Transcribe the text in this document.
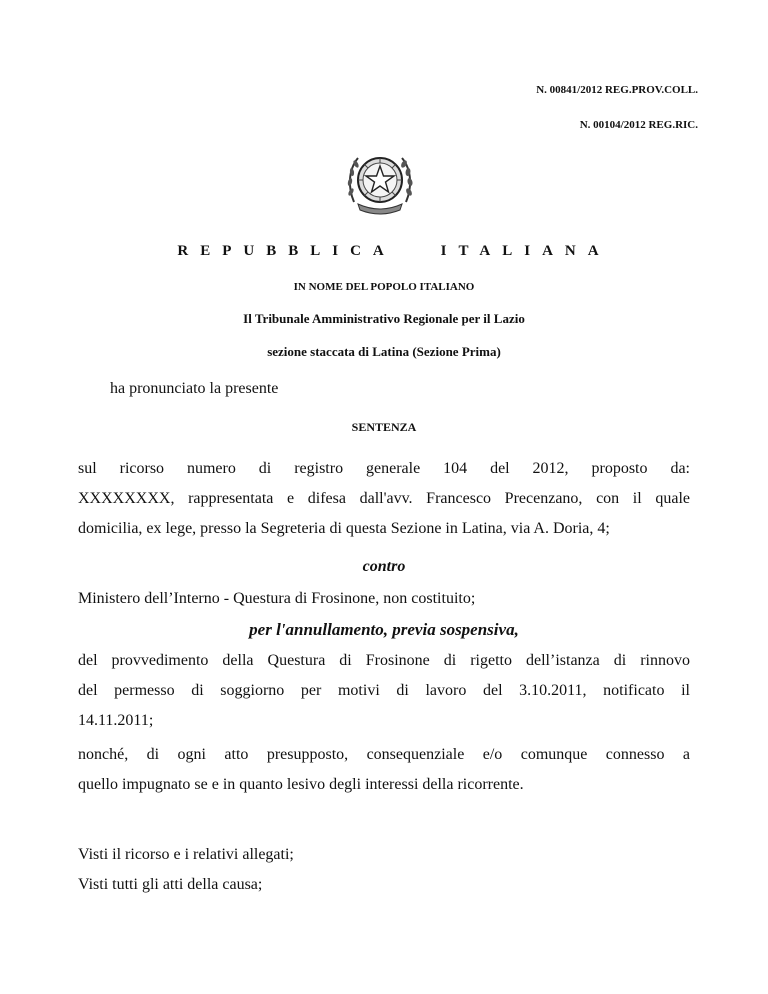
N. 00841/2012 REG.PROV.COLL.
N. 00104/2012 REG.RIC.
REPUBBLICA ITALIANA
IN NOME DEL POPOLO ITALIANO
Il Tribunale Amministrativo Regionale per il Lazio
sezione staccata di Latina (Sezione Prima)
ha pronunciato la presente
SENTENZA
sul ricorso numero di registro generale 104 del 2012, proposto da:
XXXXXXXX, rappresentata e difesa dall'avv. Francesco Precenzano, con il quale
domicilia, ex lege, presso la Segreteria di questa Sezione in Latina, via A. Doria, 4;
contro
Ministero dell’Interno - Questura di Frosinone, non costituito;
per l'annullamento, previa sospensiva,
del provvedimento della Questura di Frosinone di rigetto dell’istanza di rinnovo
del permesso di soggiorno per motivi di lavoro del 3.10.2011, notificato il
14.11.2011;
nonché, di ogni atto presupposto, consequenziale e/o comunque connesso a
quello impugnato se e in quanto lesivo degli interessi della ricorrente.
Visti il ricorso e i relativi allegati;
Visti tutti gli atti della causa;
